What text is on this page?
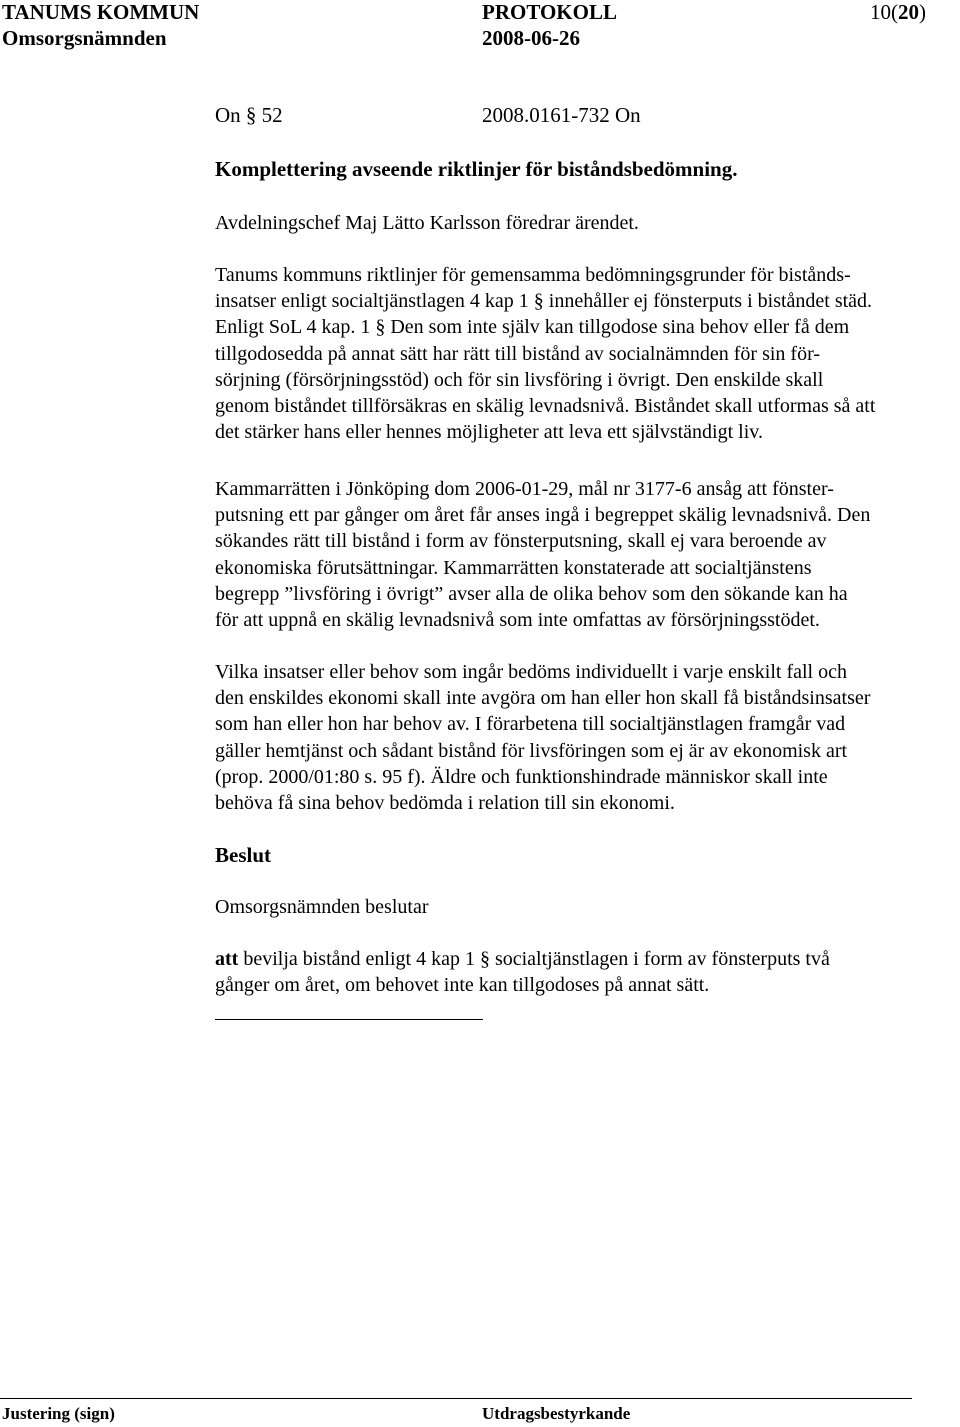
TANUMS KOMMUN	PROTOKOLL	10(20)
Omsorgsnämnden	2008-06-26
On § 52	2008.0161-732 On
Komplettering avseende riktlinjer för biståndsbedömning.
Avdelningschef Maj Lätto Karlsson föredrar ärendet.
Tanums kommuns riktlinjer för gemensamma bedömningsgrunder för bistånds-
insatser enligt socialtjänstlagen 4 kap 1 § innehåller ej fönsterputs i biståndet städ.
Enligt SoL 4 kap. 1 § Den som inte själv kan tillgodose sina behov eller få dem
tillgodosedda på annat sätt har rätt till bistånd av socialnämnden för sin för-
sörjning (försörjningsstöd) och för sin livsföring i övrigt. Den enskilde skall
genom biståndet tillförsäkras en skälig levnadsnivå. Biståndet skall utformas så att
det stärker hans eller hennes möjligheter att leva ett självständigt liv.
Kammarrätten i Jönköping dom 2006-01-29, mål nr 3177-6 ansåg att fönster-
putsning ett par gånger om året får anses ingå i begreppet skälig levnadsnivå. Den
sökandes rätt till bistånd i form av fönsterputsning, skall ej vara beroende av
ekonomiska förutsättningar. Kammarrätten konstaterade att socialtjänstens
begrepp ”livsföring i övrigt” avser alla de olika behov som den sökande kan ha
för att uppnå en skälig levnadsnivå som inte omfattas av försörjningsstödet.
Vilka insatser eller behov som ingår bedöms individuellt i varje enskilt fall och
den enskildes ekonomi skall inte avgöra om han eller hon skall få biståndsinsatser
som han eller hon har behov av. I förarbetena till socialtjänstlagen framgår vad
gäller hemtjänst och sådant bistånd för livsföringen som ej är av ekonomisk art
(prop. 2000/01:80 s. 95 f). Äldre och funktionshindrade människor skall inte
behöva få sina behov bedömda i relation till sin ekonomi.
Beslut
Omsorgsnämnden beslutar
att bevilja bistånd enligt 4 kap 1 § socialtjänstlagen i form av fönsterputs två
gånger om året, om behovet inte kan tillgodoses på annat sätt.
Justering (sign)	Utdragsbestyrkande
